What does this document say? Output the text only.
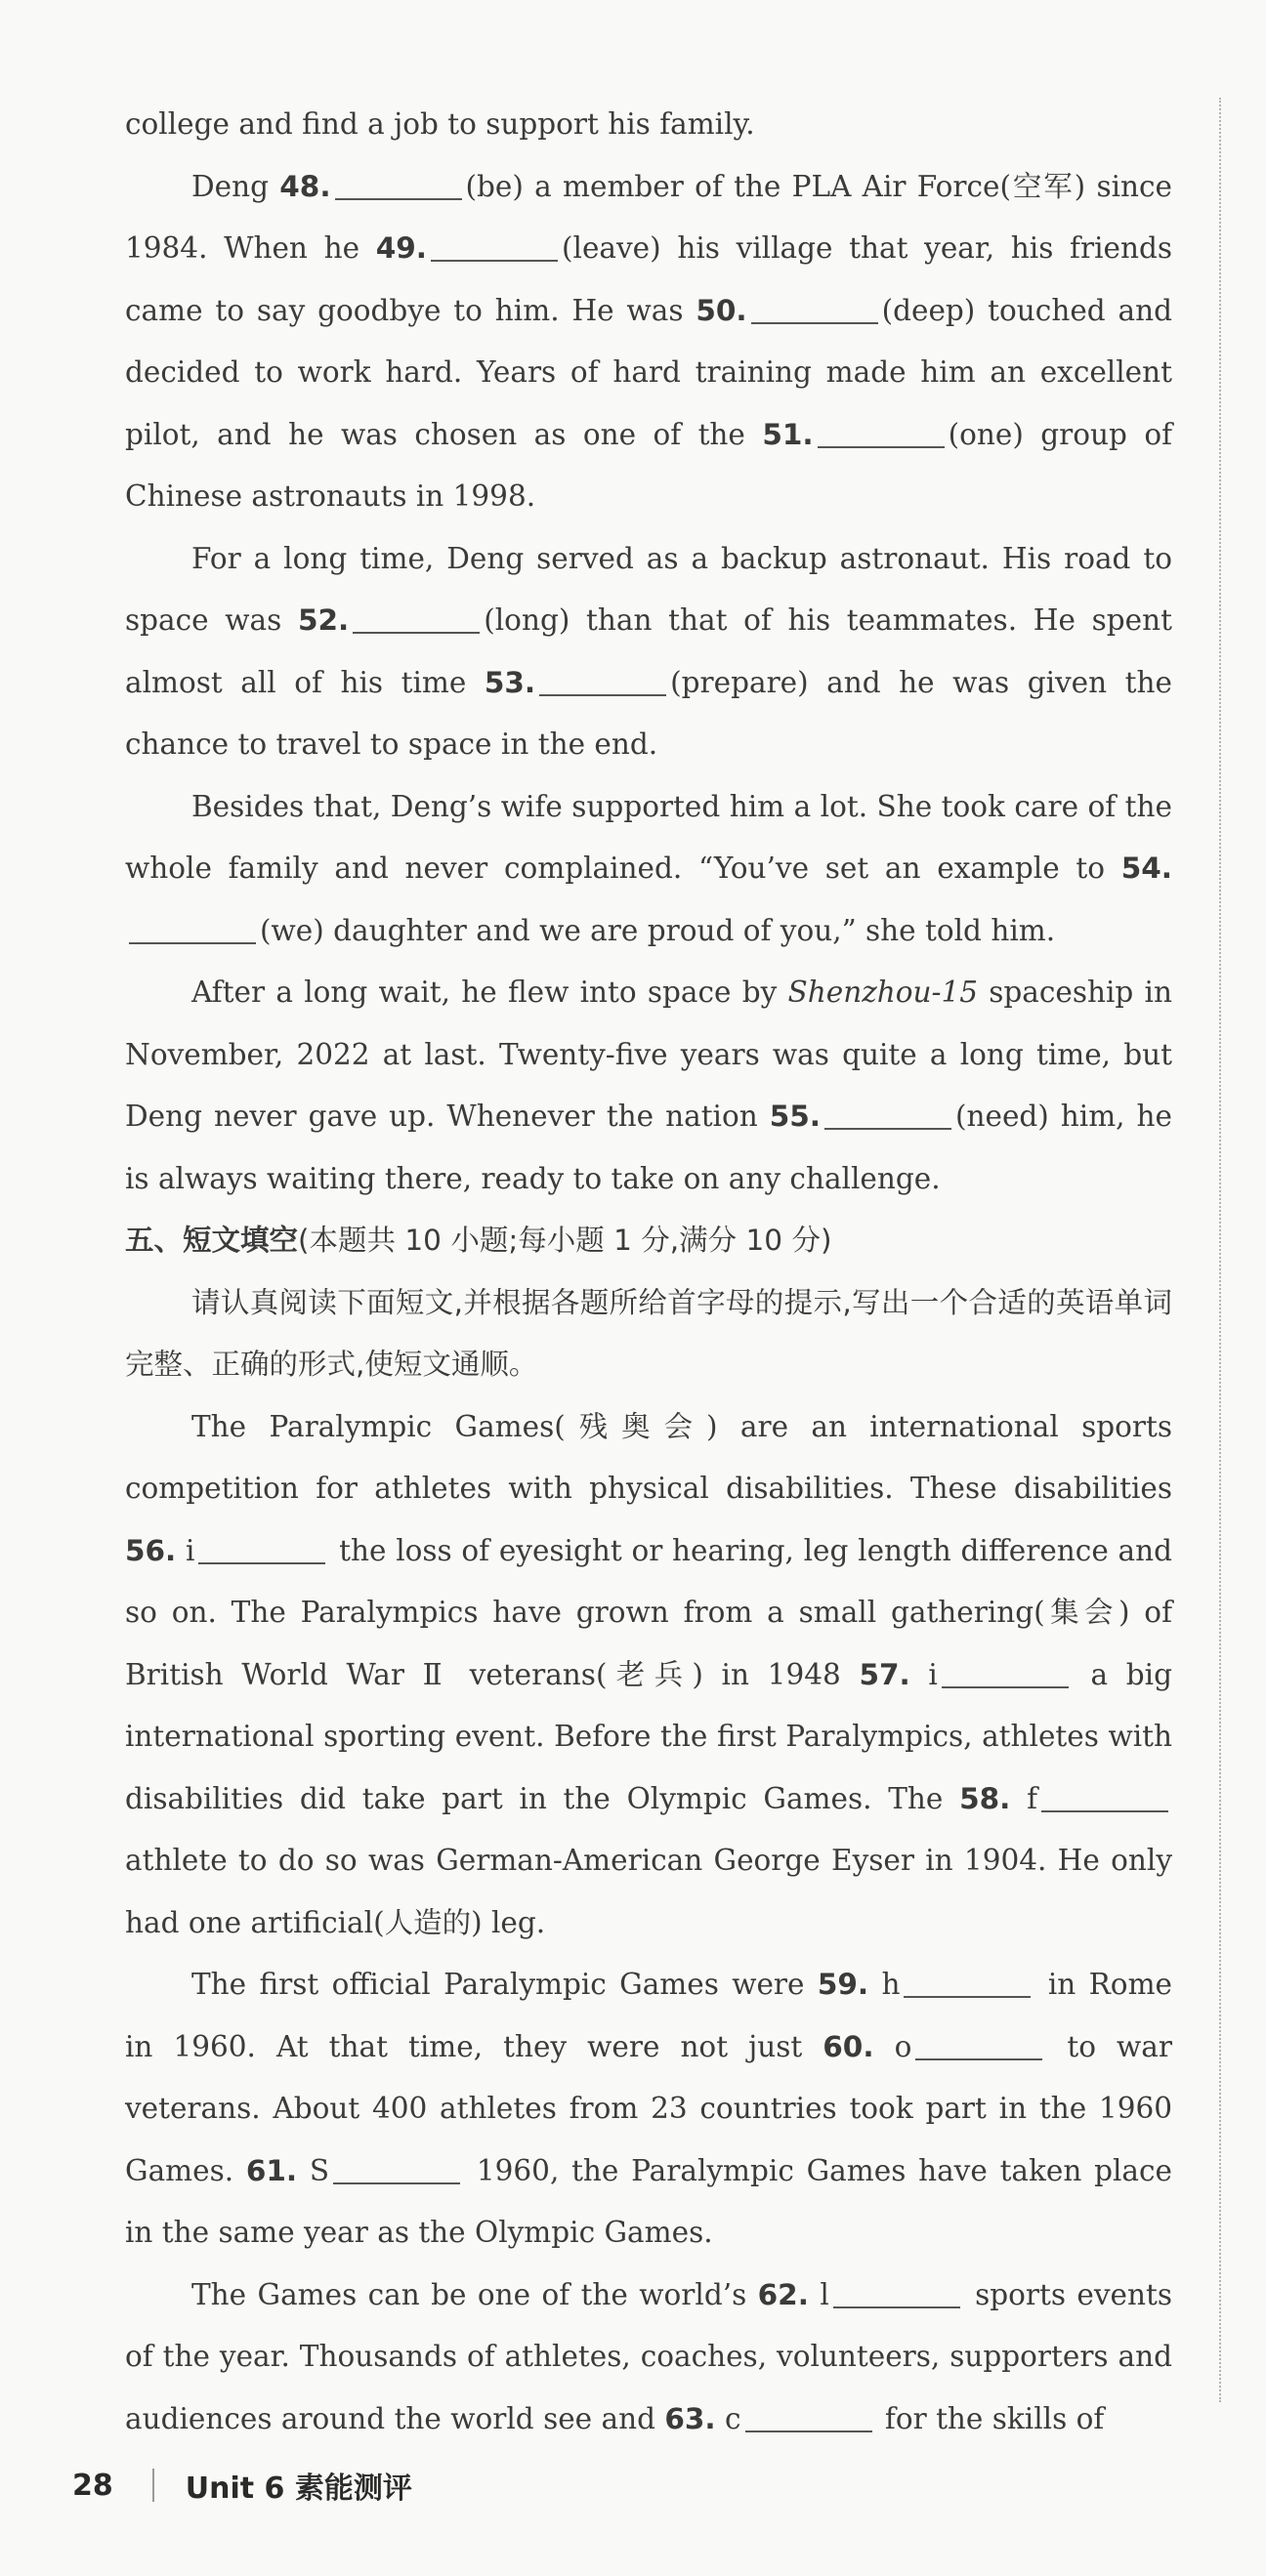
college and find a job to support his family.

Deng 48.	(be) a member of the PLA Air Force(空军) since 1984. When he 49.	(leave) his village that year, his friends came to say goodbye to him. He was 50.	(deep) touched and decided to work hard. Years of hard training made him an excellent pilot, and he was chosen as one of the 51.	(one) group of Chinese astronauts in 1998.

For a long time, Deng served as a backup astronaut. His road to space was 52.	(long) than that of his teammates. He spent almost all of his time 53.	(prepare) and he was given the chance to travel to space in the end.

Besides that, Deng’s wife supported him a lot. She took care of the whole family and never complained. “You’ve set an example to 54.(we) daughter and we are proud of you,” she told him.

After a long wait, he flew into space by Shenzhou-15 spaceship in November, 2022 at last. Twenty-five years was quite a long time, but Deng never gave up. Whenever the nation 55.	(need) him, he is always waiting there, ready to take on any challenge.

五、短文填空(本题共 10 小题;每小题 1 分,满分 10 分)

请认真阅读下面短文,并根据各题所给首字母的提示,写出一个合适的英语单词完整、正确的形式,使短文通顺。

The Paralympic Games(残奥会) are an international sports competition for athletes with physical disabilities. These disabilities 56. i	the loss of eyesight or hearing, leg length difference and so on. The Paralympics have grown from a small gathering(集会) of British World War Ⅱ veterans(老兵) in 1948 57. i	a big international sporting event. Before the first Paralympics, athletes with disabilities did take part in the Olympic Games. The 58. f athlete to do so was German-American George Eyser in 1904. He only had one artificial(人造的) leg.

The first official Paralympic Games were 59. h	in Rome in 1960. At that time, they were not just 60. o	to war veterans. About 400 athletes from 23 countries took part in the 1960 Games. 61. S	1960, the Paralympic Games have taken place in the same year as the Olympic Games.

The Games can be one of the world’s 62. l	sports events of the year. Thousands of athletes, coaches, volunteers, supporters and audiences around the world see and 63. c	for the skills of

28 Unit 6 素能测评
